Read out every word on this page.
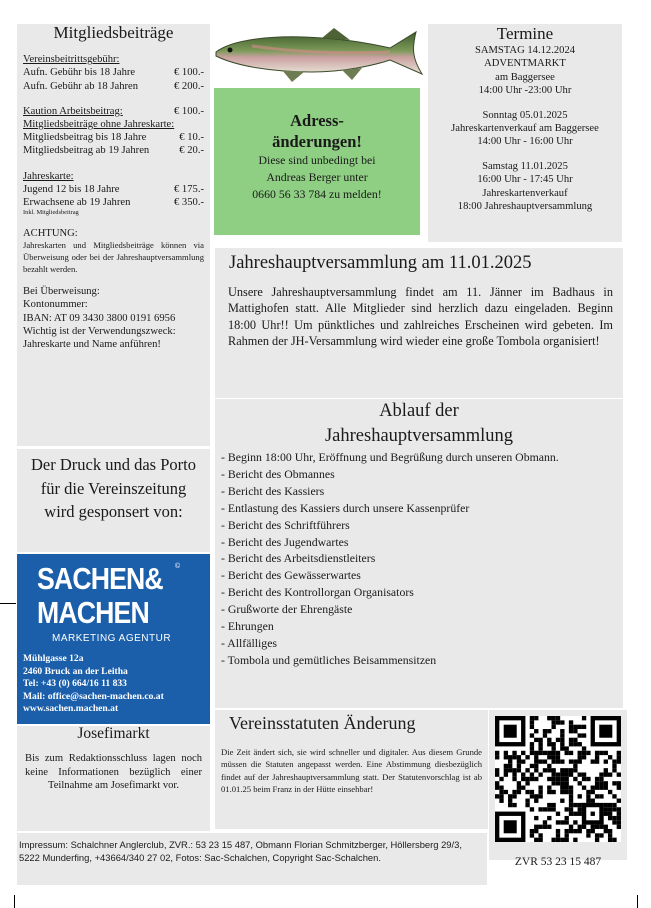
Mitgliedsbeiträge
Vereinsbeitrittsgebühr:
Aufn. Gebühr bis 18 Jahre	€ 100.-
Aufn. Gebühr ab 18 Jahren	€ 200.-
Kaution Arbeitsbeitrag:	€ 100.-
Mitgliedsbeiträge ohne Jahreskarte:
Mitgliedsbeitrag bis 18 Jahre	€ 10.-
Mitgliedsbeitrag ab 19 Jahren	€ 20.-
Jahreskarte:
Jugend 12 bis 18 Jahre	€ 175.-
Erwachsene ab 19 Jahren	€ 350.-
Inkl. Mitgliedsbeitrag
ACHTUNG:
Jahreskarten und Mitgliedsbeiträge können via Überweisung oder bei der Jahreshauptversammlung bezahlt werden.
Bei Überweisung:
Kontonummer:
IBAN: AT 09 3430 3800 0191 6956
Wichtig ist der Verwendungszweck: Jahreskarte und Name anführen!
Der Druck und das Porto für die Vereinszeitung wird gesponsert von:
SACHEN&
MACHEN
©
MARKETING AGENTUR
Mühlgasse 12a
2460 Bruck an der Leitha
Tel: +43 (0) 664/16 11 833
Mail: office@sachen-machen.co.at
www.sachen.machen.at
Josefimarkt
Bis zum Redaktionsschluss lagen noch keine Informationen bezüglich einer Teilnahme am Josefimarkt vor.
Adress-
änderungen!
Diese sind unbedingt bei
Andreas Berger unter
0660 56 33 784 zu melden!
Termine
SAMSTAG 14.12.2024
ADVENTMARKT
am Baggersee
14:00 Uhr -23:00 Uhr
Sonntag 05.01.2025
Jahreskartenverkauf am Baggersee
14:00 Uhr - 16:00 Uhr
Samstag 11.01.2025
16:00 Uhr - 17:45 Uhr
Jahreskartenverkauf
18:00 Jahreshauptversammlung
Jahreshauptversammlung am 11.01.2025

Unsere Jahreshauptversammlung findet am 11. Jänner im Badhaus in Mattighofen statt. Alle Mitglieder sind herzlich dazu eingeladen. Beginn 18:00 Uhr!! Um pünktliches und zahlreiches Erscheinen wird gebeten. Im Rahmen der JH-Versammlung wird wieder eine große Tombola organisiert!

Ablauf der
Jahreshauptversammlung
- Beginn 18:00 Uhr, Eröffnung und Begrüßung durch unseren Obmann.
- Bericht des Obmannes
- Bericht des Kassiers
- Entlastung des Kassiers durch unsere Kassenprüfer
- Bericht des Schriftführers
- Bericht des Jugendwartes
- Bericht des Arbeitsdienstleiters
- Bericht des Gewässerwartes
- Bericht des Kontrollorgan Organisators
- Grußworte der Ehrengäste
- Ehrungen
- Allfälliges
- Tombola und gemütliches Beisammensitzen
Vereinsstatuten Änderung

Die Zeit ändert sich, sie wird schneller und digitaler. Aus diesem Grunde müssen die Statuten angepasst werden. Eine Abstimmung diesbezüglich findet auf der Jahreshauptversammlung statt. Der Statutenvorschlag ist ab 01.01.25 beim Franz in der Hütte einsehbar!

ZVR 53 23 15 487
Impressum: Schalchner Anglerclub, ZVR.: 53 23 15 487, Obmann Florian Schmitzberger, Höllersberg 29/3, 5222 Munderfing, +43664/340 27 02, Fotos: Sac-Schalchen, Copyright Sac-Schalchen.
